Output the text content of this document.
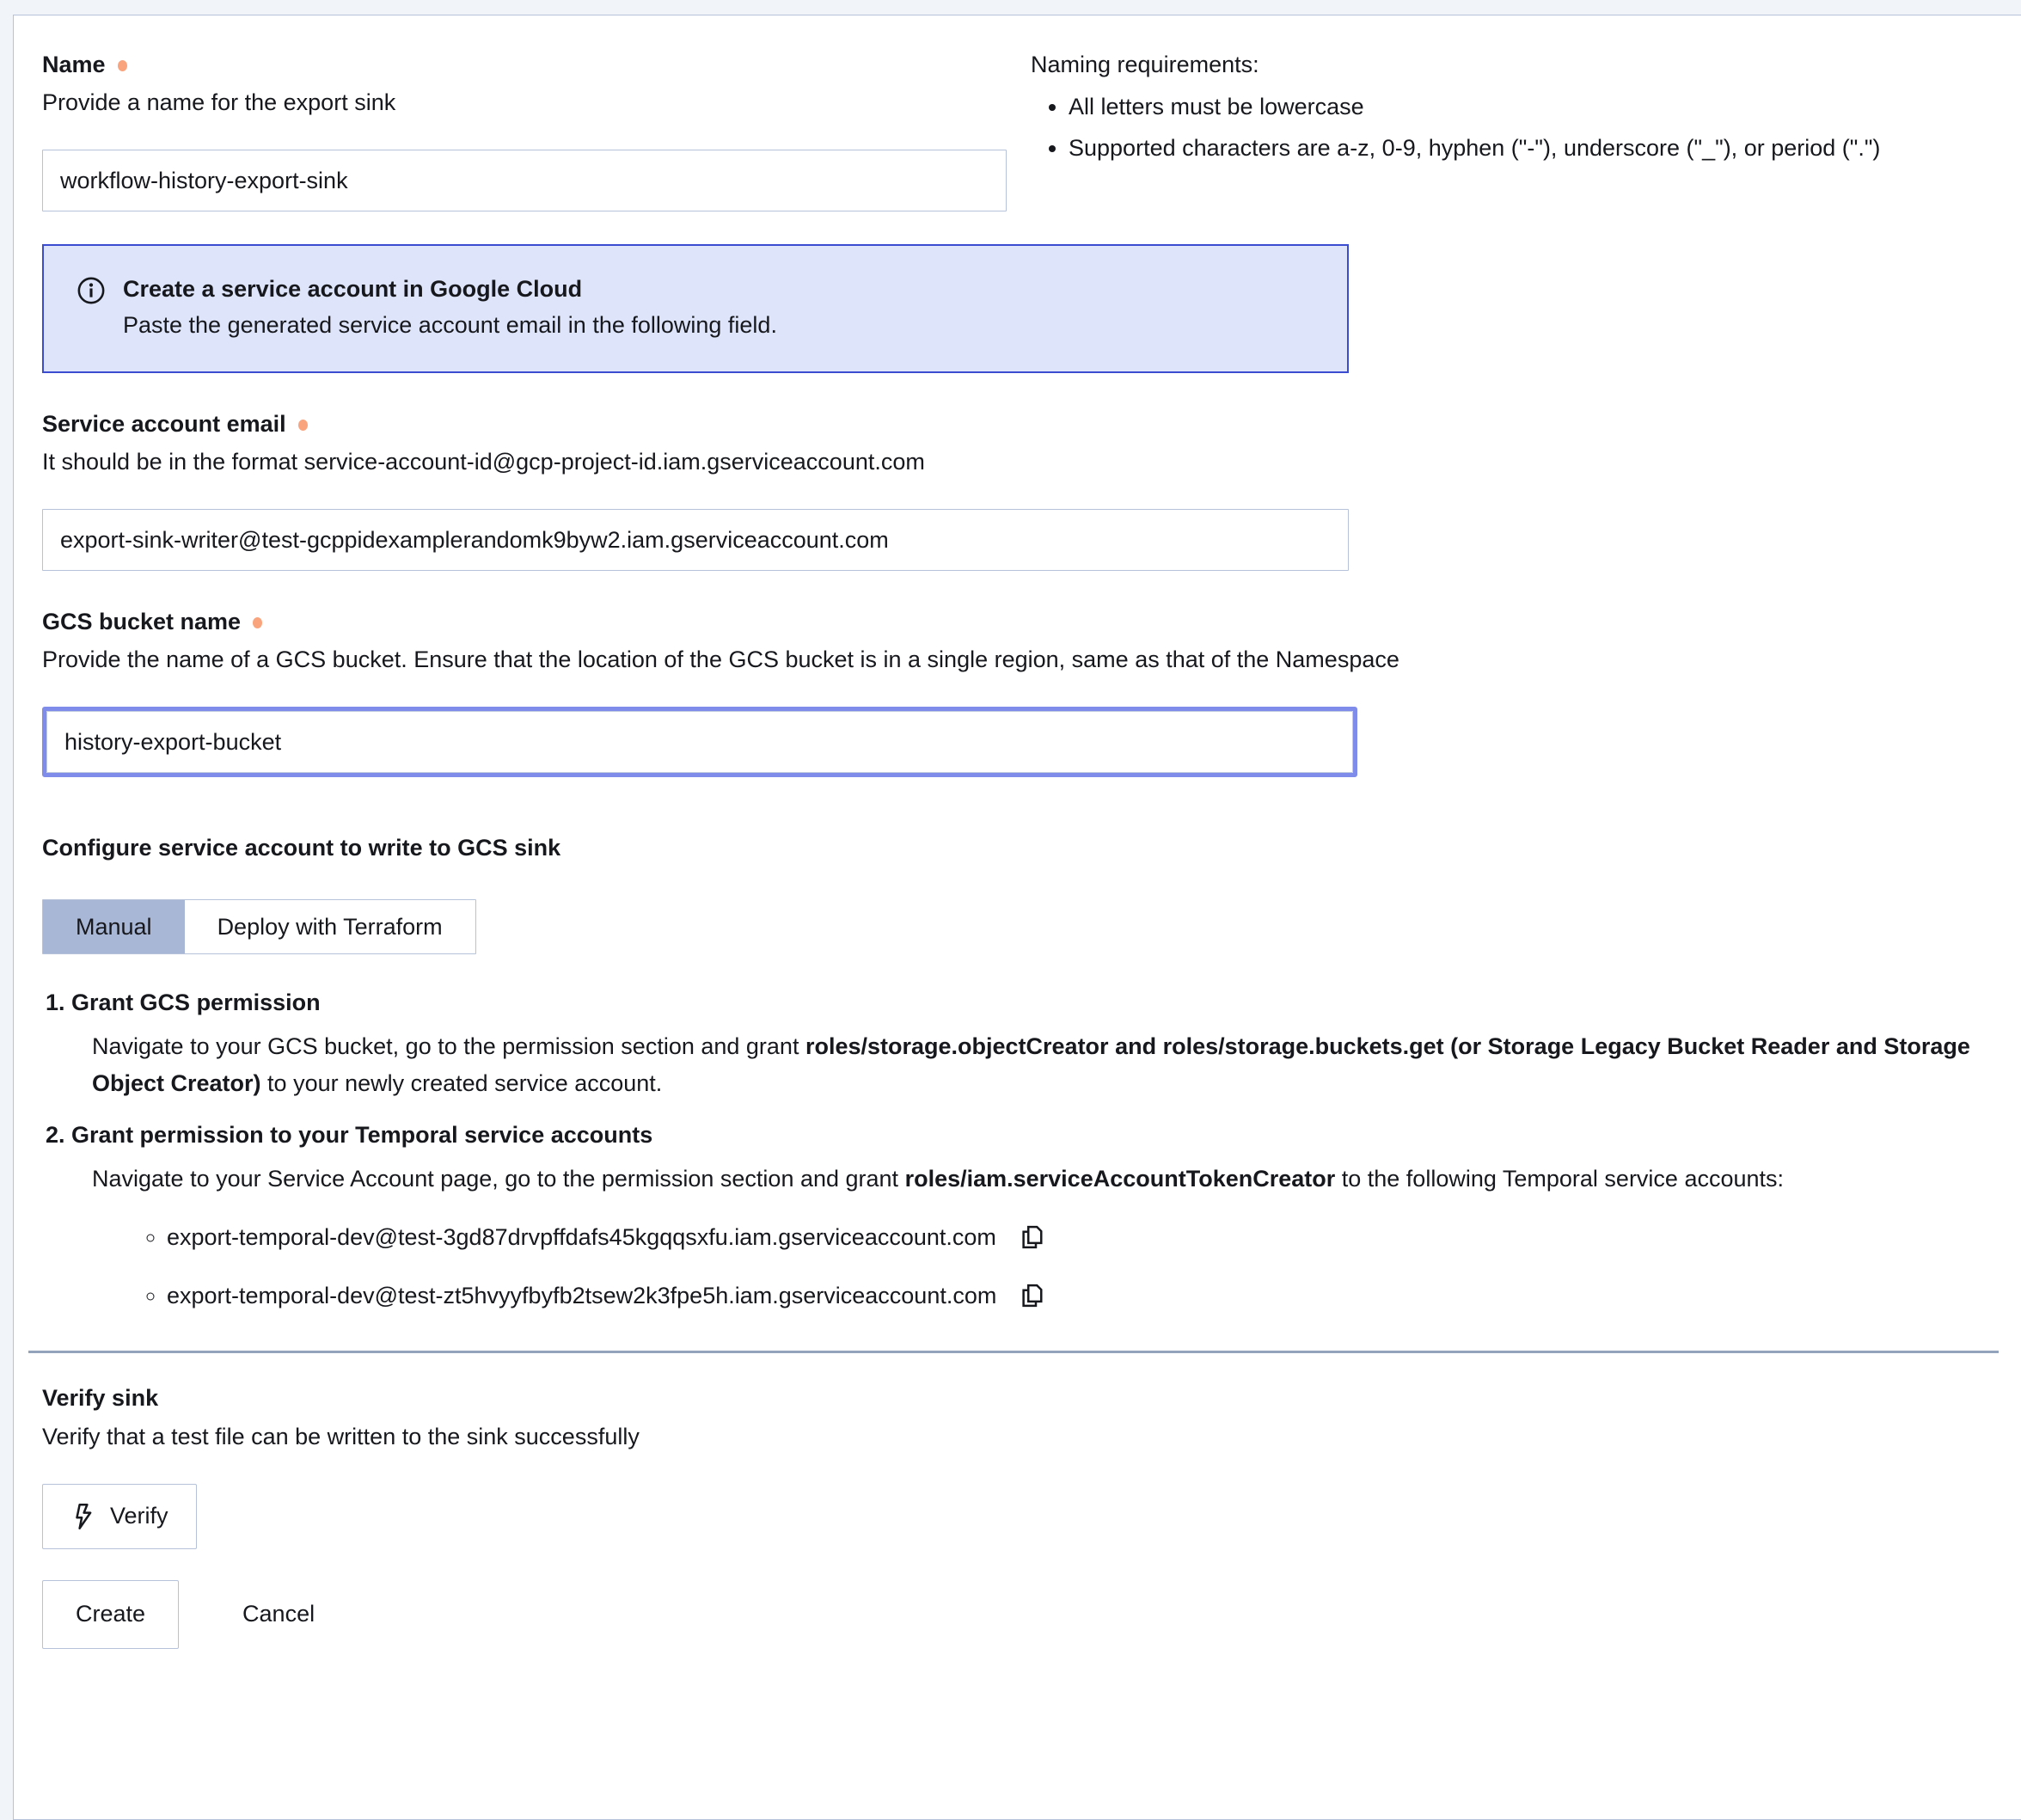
Name
Provide a name for the export sink
workflow-history-export-sink
Naming requirements:
• All letters must be lowercase
• Supported characters are a-z, 0-9, hyphen ("-"), underscore ("_"), or period (".")
Create a service account in Google Cloud
Paste the generated service account email in the following field.
Service account email
It should be in the format service-account-id@gcp-project-id.iam.gserviceaccount.com
export-sink-writer@test-gcppidexamplerandomk9byw2.iam.gserviceaccount.com
GCS bucket name
Provide the name of a GCS bucket. Ensure that the location of the GCS bucket is in a single region, same as that of the Namespace
history-export-bucket
Configure service account to write to GCS sink
Manual	Deploy with Terraform
Grant GCS permission
Navigate to your GCS bucket, go to the permission section and grant roles/storage.objectCreator and roles/storage.buckets.get (or Storage Legacy Bucket Reader and Storage Object Creator) to your newly created service account.
Grant permission to your Temporal service accounts
Navigate to your Service Account page, go to the permission section and grant roles/iam.serviceAccountTokenCreator to the following Temporal service accounts:
◦ export-temporal-dev@test-3gd87drvpffdafs45kgqqsxfu.iam.gserviceaccount.com
◦ export-temporal-dev@test-zt5hvyyfbyfb2tsew2k3fpe5h.iam.gserviceaccount.com
Verify sink
Verify that a test file can be written to the sink successfully
Verify
Create	Cancel
